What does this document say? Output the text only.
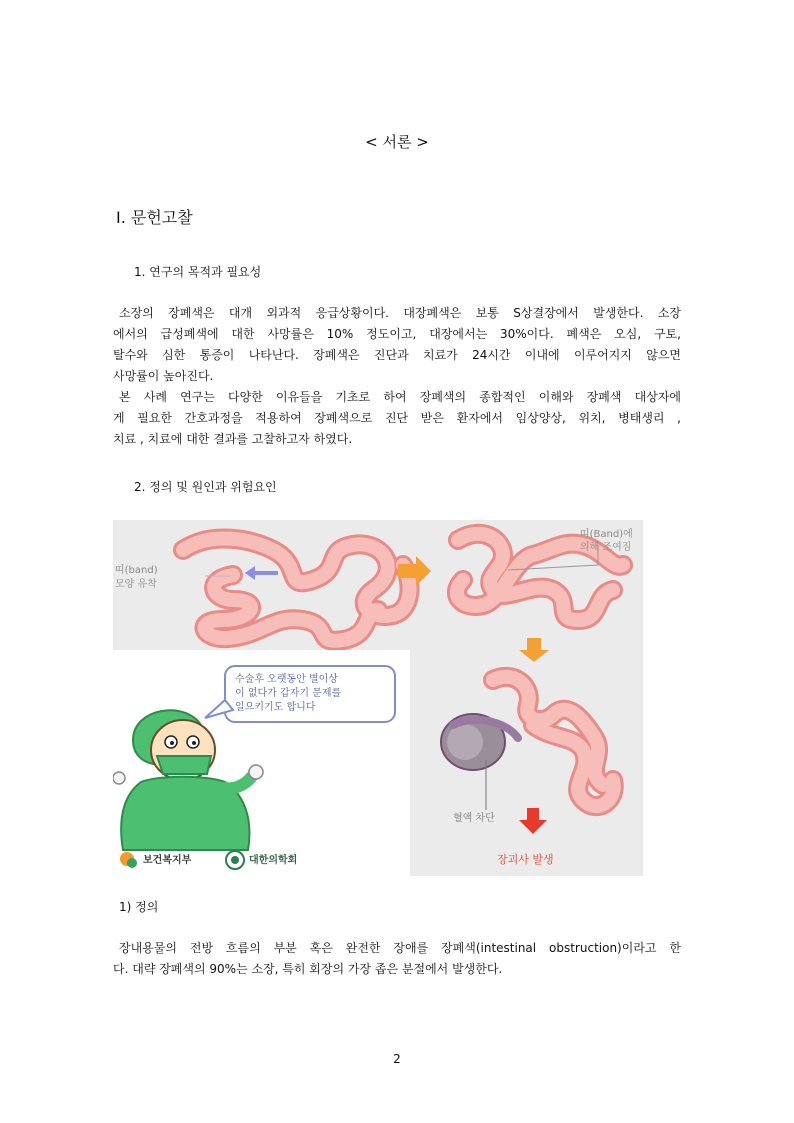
< 서론 >
I. 문헌고찰
1. 연구의 목적과 필요성
소장의 장폐색은 대개 외과적 응급상황이다. 대장폐색은 보통 S상결장에서 발생한다. 소장
에서의 급성폐색에 대한 사망률은 10% 정도이고, 대장에서는 30%이다. 폐색은 오심, 구토,
탈수와 심한 통증이 나타난다. 장폐색은 진단과 치료가 24시간 이내에 이루어지지 않으면
사망률이 높아진다.
본 사례 연구는 다양한 이유들을 기초로 하여 장폐색의 종합적인 이해와 장폐색 대상자에
게 필요한 간호과정을 적용하여 장폐색으로 진단 받은 환자에서 임상양상, 위치, 병태생리 ,
치료 , 치료에 대한 결과를 고찰하고자 하였다.
2. 정의 및 원인과 위험요인
띠(band)
모양 유착
띠(Band)에
의해 조여짐
수술후 오랫동안 별이상
이 없다가 갑자기 문제를
일으키기도 합니다
혈액 차단
장괴사 발생
보건복지부	대한의학회
1) 정의
장내용물의 전방 흐름의 부분 혹은 완전한 장애를 장폐색(intestinal obstruction)이라고 한
다. 대략 장폐색의 90%는 소장, 특히 회장의 가장 좁은 분절에서 발생한다.
2
